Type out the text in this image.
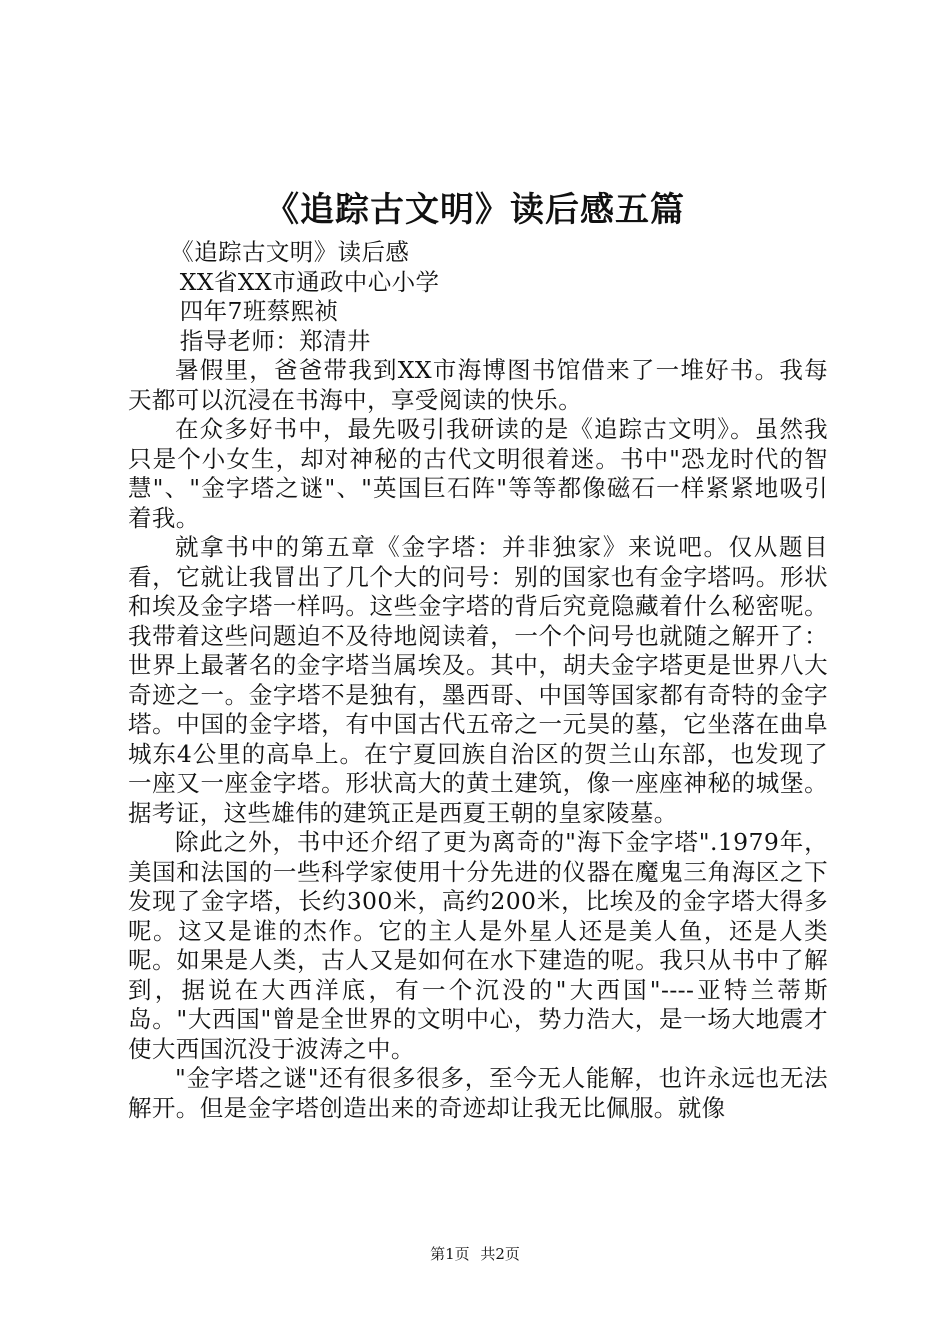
《追踪古文明》读后感五篇

《追踪古文明》读后感

XX省XX市通政中心小学

四年7班蔡熙祯

指导老师：郑清井

暑假里，爸爸带我到XX市海博图书馆借来了一堆好书。我每天都可以沉浸在书海中，享受阅读的快乐。

在众多好书中，最先吸引我研读的是《追踪古文明》。虽然我只是个小女生，却对神秘的古代文明很着迷。书中"恐龙时代的智慧"、"金字塔之谜"、"英国巨石阵"等等都像磁石一样紧紧地吸引着我。

就拿书中的第五章《金字塔：并非独家》来说吧。仅从题目看，它就让我冒出了几个大的问号：别的国家也有金字塔吗。形状和埃及金字塔一样吗。这些金字塔的背后究竟隐藏着什么秘密呢。我带着这些问题迫不及待地阅读着，一个个问号也就随之解开了：世界上最著名的金字塔当属埃及。其中，胡夫金字塔更是世界八大奇迹之一。金字塔不是独有，墨西哥、中国等国家都有奇特的金字塔。中国的金字塔，有中国古代五帝之一元昊的墓，它坐落在曲阜城东4公里的高阜上。在宁夏回族自治区的贺兰山东部，也发现了一座又一座金字塔。形状高大的黄土建筑，像一座座神秘的城堡。据考证，这些雄伟的建筑正是西夏王朝的皇家陵墓。

除此之外，书中还介绍了更为离奇的"海下金字塔".1979年，美国和法国的一些科学家使用十分先进的仪器在魔鬼三角海区之下发现了金字塔，长约300米，高约200米，比埃及的金字塔大得多呢。这又是谁的杰作。它的主人是外星人还是美人鱼，还是人类呢。如果是人类，古人又是如何在水下建造的呢。我只从书中了解到，据说在大西洋底，有一个沉没的"大西国"----亚特兰蒂斯岛。"大西国"曾是全世界的文明中心，势力浩大，是一场大地震才使大西国沉没于波涛之中。

"金字塔之谜"还有很多很多，至今无人能解，也许永远也无法解开。但是金字塔创造出来的奇迹却让我无比佩服。就像

第1页 共2页
